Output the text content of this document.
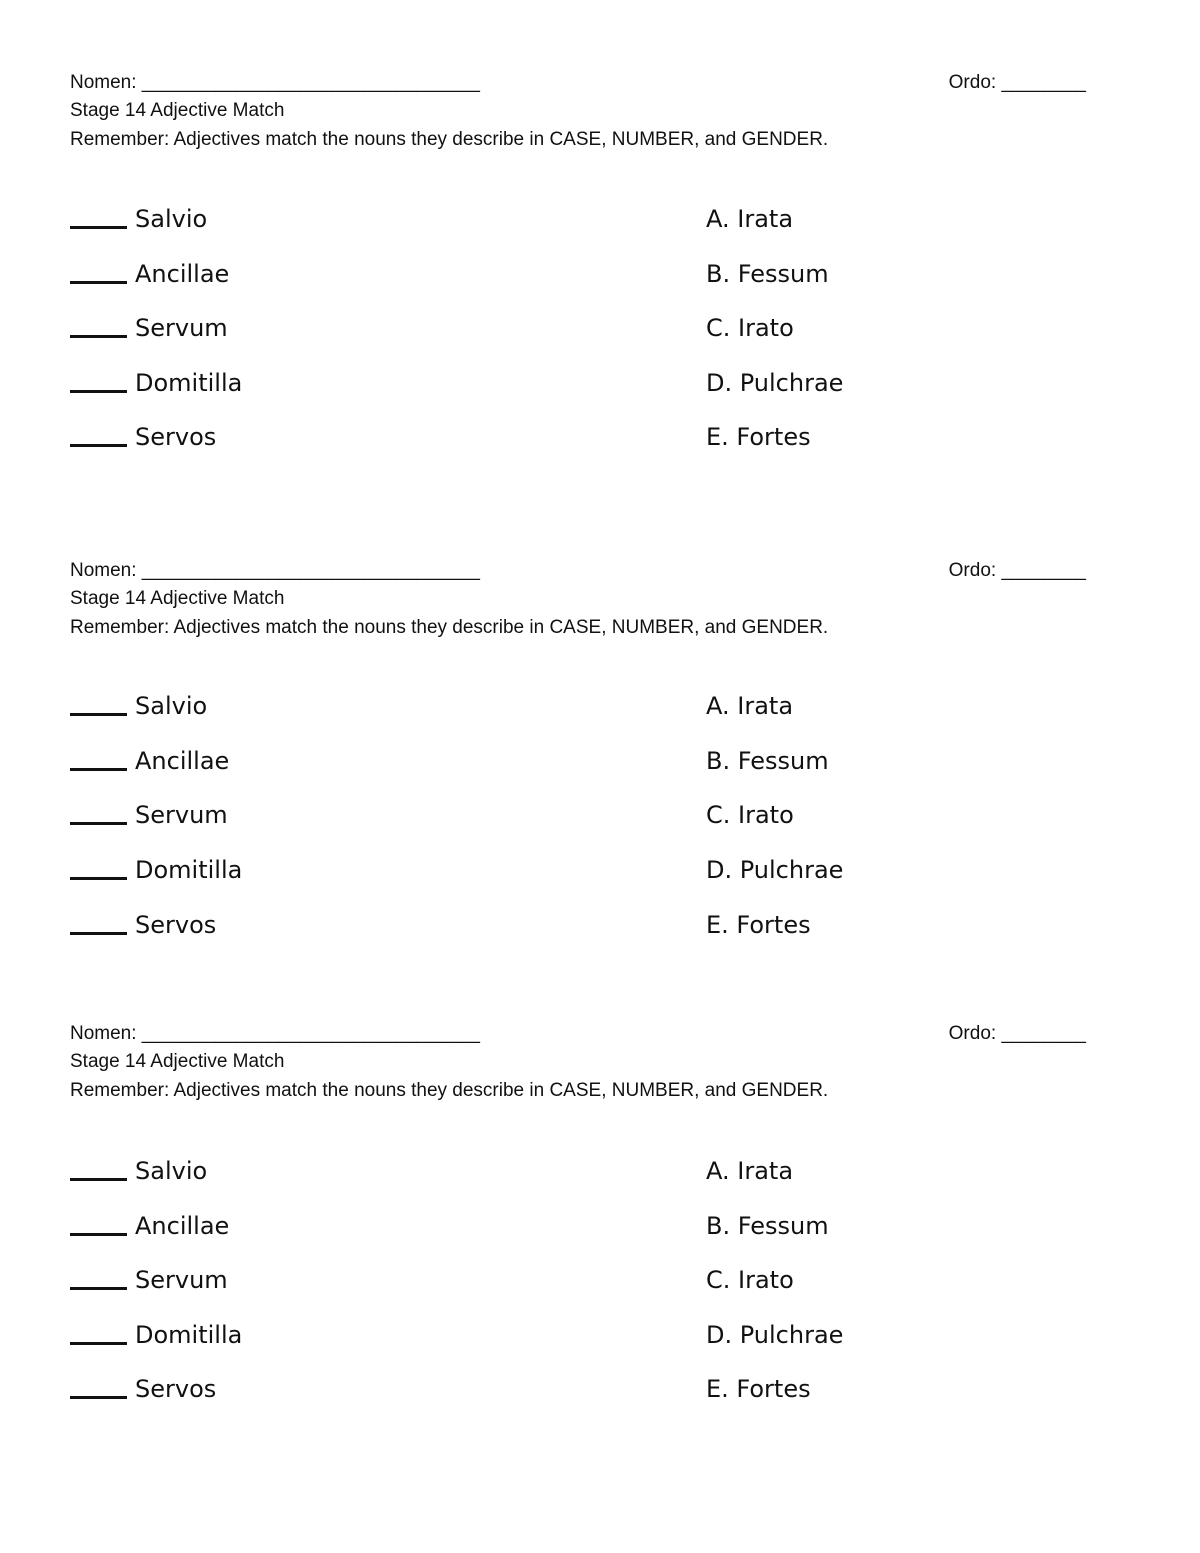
Nomen: ________________________________	Ordo: ________
Stage 14 Adjective Match
Remember: Adjectives match the nouns they describe in CASE, NUMBER, and GENDER.
Salvio	A. Irata
Ancillae	B. Fessum
Servum	C. Irato
Domitilla	D. Pulchrae
Servos	E. Fortes
Nomen: ________________________________	Ordo: ________
Stage 14 Adjective Match
Remember: Adjectives match the nouns they describe in CASE, NUMBER, and GENDER.
Salvio	A. Irata
Ancillae	B. Fessum
Servum	C. Irato
Domitilla	D. Pulchrae
Servos	E. Fortes
Nomen: ________________________________	Ordo: ________
Stage 14 Adjective Match
Remember: Adjectives match the nouns they describe in CASE, NUMBER, and GENDER.
Salvio	A. Irata
Ancillae	B. Fessum
Servum	C. Irato
Domitilla	D. Pulchrae
Servos	E. Fortes
